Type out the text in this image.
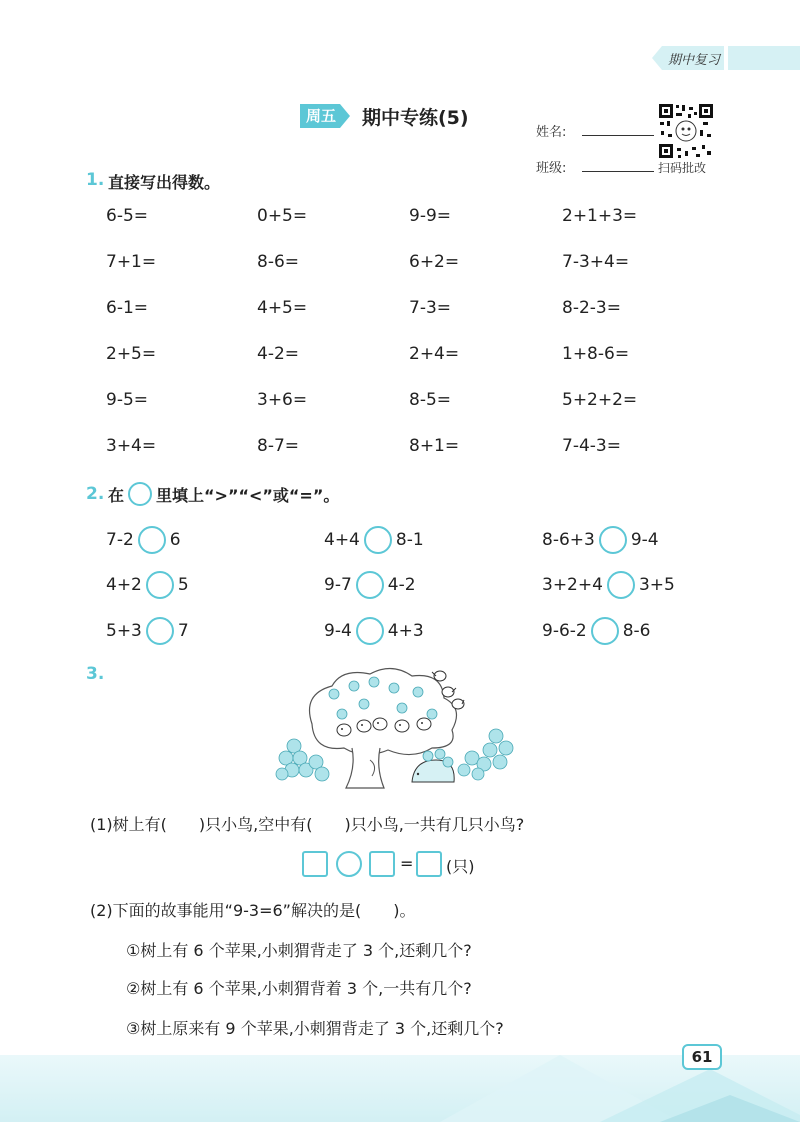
期中复习
周五 期中专练(5)
姓名:
班级:	扫码批改
1. 直接写出得数。
6-5=	0+5=	9-9=	2+1+3=
7+1=	8-6=	6+2=	7-3+4=
6-1=	4+5=	7-3=	8-2-3=
2+5=	4-2=	2+4=	1+8-6=
9-5=	3+6=	8-5=	5+2+2=
3+4=	8-7=	8+1=	7-4-3=
2. 在 里填上“>”“<”或“=”。
7-2 6	4+4 8-1	8-6+3 9-4
4+2 5	9-7 4-2	3+2+4 3+5
5+3 7	9-4 4+3	9-6-2 8-6
3.
(1)树上有(　　)只小鸟,空中有(　　)只小鸟,一共有几只小鸟?
= (只)
(2)下面的故事能用“9-3=6”解决的是(　　)。
①树上有 6 个苹果,小刺猬背走了 3 个,还剩几个?
②树上有 6 个苹果,小刺猬背着 3 个,一共有几个?
③树上原来有 9 个苹果,小刺猬背走了 3 个,还剩几个?
61
